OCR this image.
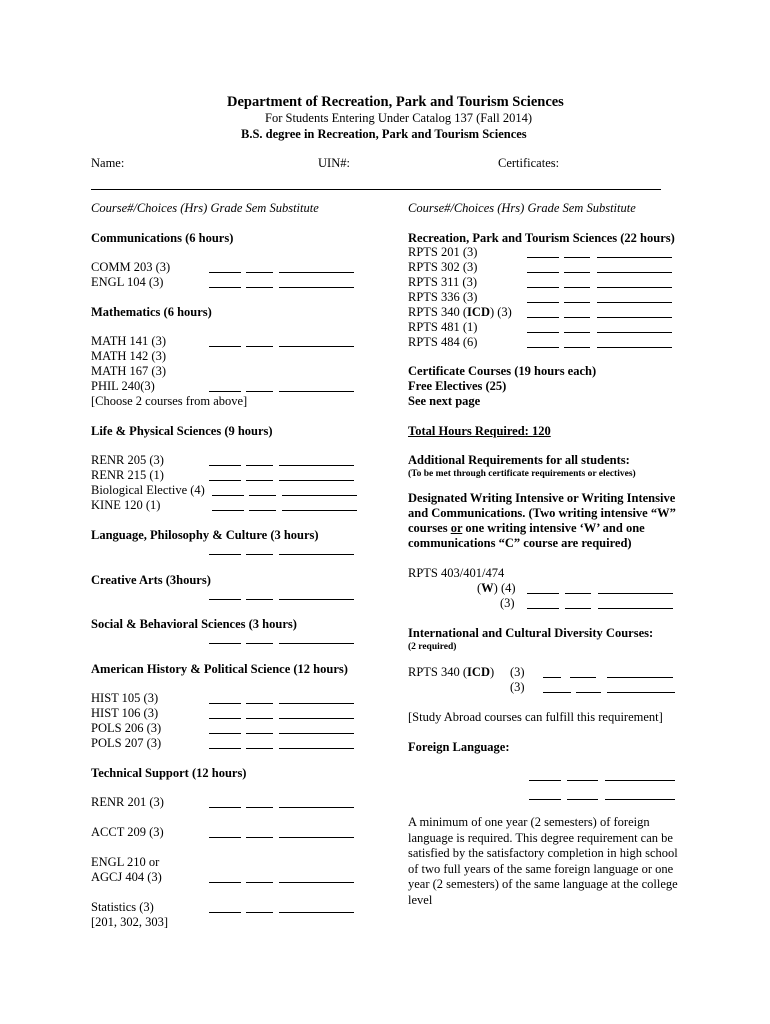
Department of Recreation, Park and Tourism Sciences
For Students Entering Under Catalog 137 (Fall 2014)
B.S. degree in Recreation, Park and Tourism Sciences
Name:	UIN#:	Certificates:
Course#/Choices (Hrs) Grade Sem Substitute	Course#/Choices (Hrs) Grade Sem Substitute
Communications (6 hours)
COMM 203 (3)
ENGL 104 (3)
Mathematics (6 hours)
MATH 141 (3)
MATH 142 (3)
MATH 167 (3)
PHIL 240(3)
[Choose 2 courses from above]
Life & Physical Sciences (9 hours)
RENR 205 (3)
RENR 215 (1)
Biological Elective (4)
KINE 120 (1)
Language, Philosophy & Culture (3 hours)
Creative Arts (3hours)
Social & Behavioral Sciences (3 hours)
American History & Political Science (12 hours)
HIST 105 (3)
HIST 106 (3)
POLS 206 (3)
POLS 207 (3)
Technical Support (12 hours)
RENR 201 (3)
ACCT 209 (3)
ENGL 210 or
AGCJ 404 (3)
Statistics (3)
[201, 302, 303]
Recreation, Park and Tourism Sciences (22 hours)
RPTS 201 (3)
RPTS 302 (3)
RPTS 311 (3)
RPTS 336 (3)
RPTS 340 (ICD) (3)
RPTS 481 (1)
RPTS 484 (6)
Certificate Courses (19 hours each)
Free Electives (25)
See next page
Total Hours Required: 120
Additional Requirements for all students:
(To be met through certificate requirements or electives)
Designated Writing Intensive or Writing Intensive
and Communications. (Two writing intensive “W”
courses or one writing intensive ‘W’ and one
communications “C” course are required)
RPTS 403/401/474
(W) (4)
(3)
International and Cultural Diversity Courses:
(2 required)
RPTS 340 (ICD) (3)
(3)
[Study Abroad courses can fulfill this requirement]
Foreign Language:
A minimum of one year (2 semesters) of foreign language is required. This degree requirement can be satisfied by the satisfactory completion in high school of two full years of the same foreign language or one year (2 semesters) of the same language at the college level
